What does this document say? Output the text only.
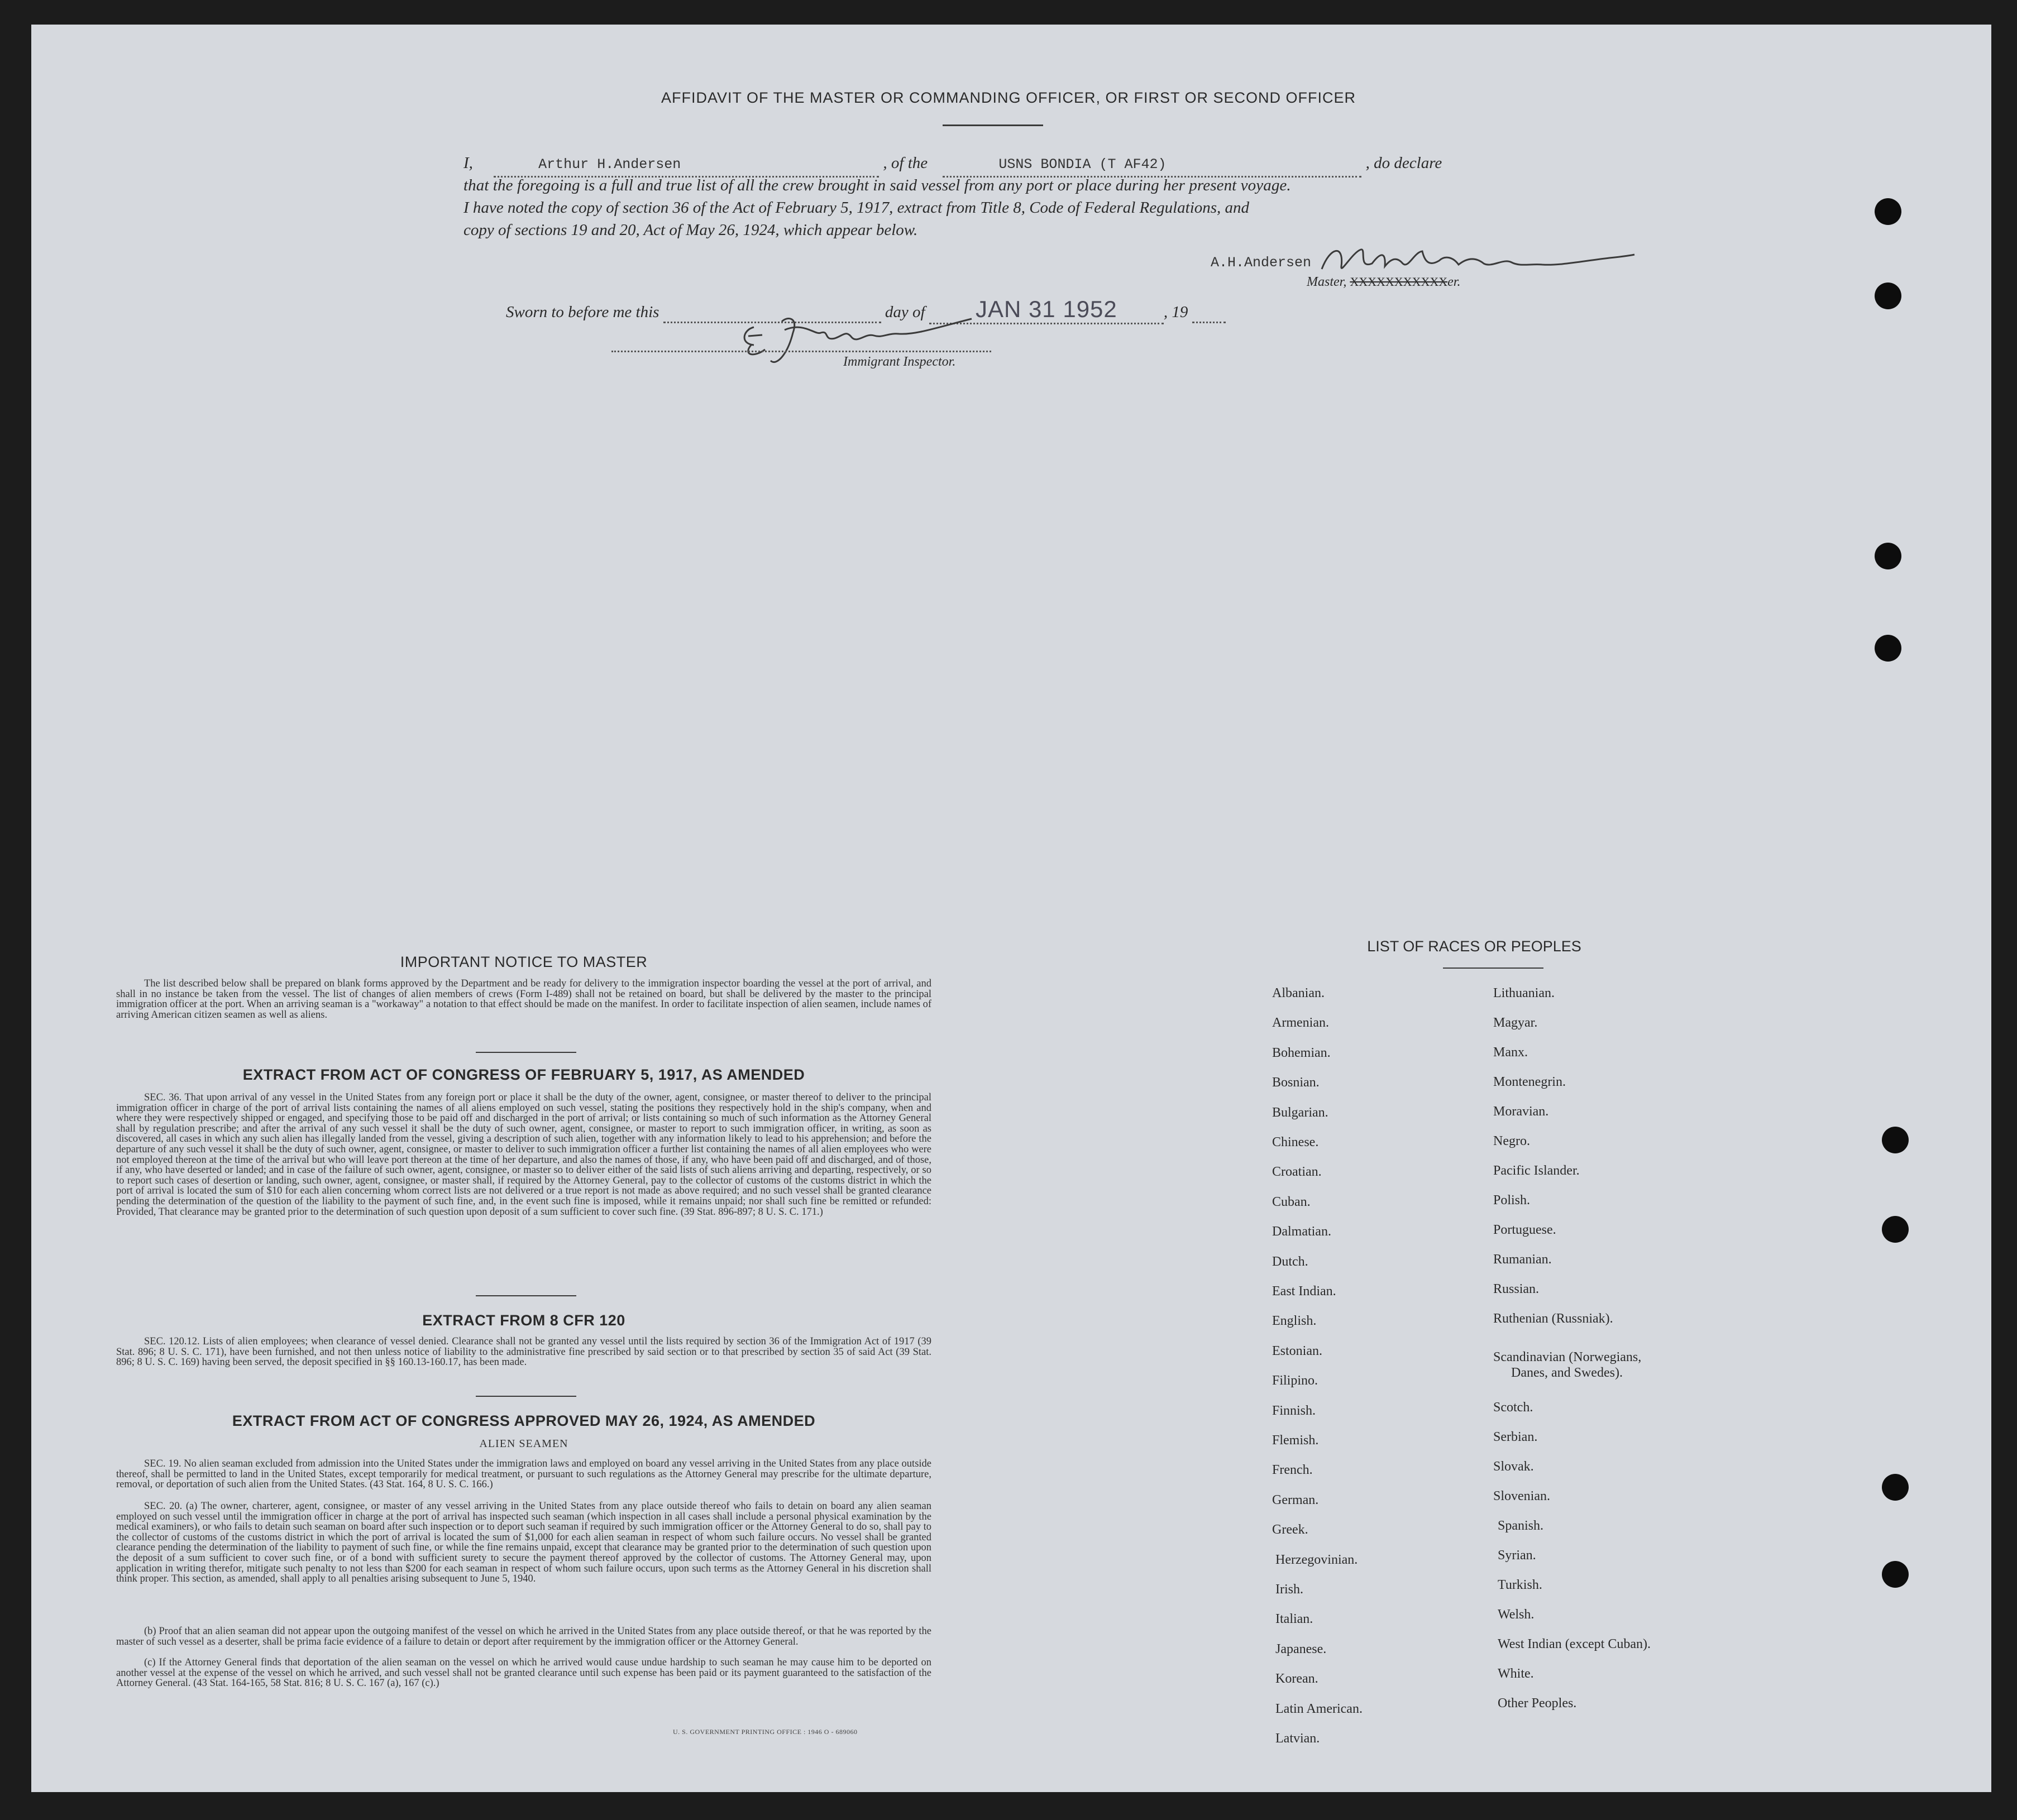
AFFIDAVIT OF THE MASTER OR COMMANDING OFFICER, OR FIRST OR SECOND OFFICER
I,	Arthur H.Andersen	, of the	USNS BONDIA (T AF42)	, do declare
that the foregoing is a full and true list of all the crew brought in said vessel from any port or place during her present voyage.
I have noted the copy of section 36 of the Act of February 5, 1917, extract from Title 8, Code of Federal Regulations, and
copy of sections 19 and 20, Act of May 26, 1924, which appear below.
A.H.Andersen
Master, XXXXXXXXXXXer.
Sworn to before me this	day of JAN 31 1952	, 19
Immigrant Inspector.
IMPORTANT NOTICE TO MASTER
The list described below shall be prepared on blank forms approved by the Department and be ready for delivery to the immigration inspector boarding the vessel at the port of arrival, and shall in no instance be taken from the vessel. The list of changes of alien members of crews (Form I-489) shall not be retained on board, but shall be delivered by the master to the principal immigration officer at the port. When an arriving seaman is a "workaway" a notation to that effect should be made on the manifest. In order to facilitate inspection of alien seamen, include names of arriving American citizen seamen as well as aliens.
EXTRACT FROM ACT OF CONGRESS OF FEBRUARY 5, 1917, AS AMENDED
SEC. 36. That upon arrival of any vessel in the United States from any foreign port or place it shall be the duty of the owner, agent, consignee, or master thereof to deliver to the principal immigration officer in charge of the port of arrival lists containing the names of all aliens employed on such vessel, stating the positions they respectively hold in the ship's company, when and where they were respectively shipped or engaged, and specifying those to be paid off and discharged in the port of arrival; or lists containing so much of such information as the Attorney General shall by regulation prescribe; and after the arrival of any such vessel it shall be the duty of such owner, agent, consignee, or master to report to such immigration officer, in writing, as soon as discovered, all cases in which any such alien has illegally landed from the vessel, giving a description of such alien, together with any information likely to lead to his apprehension; and before the departure of any such vessel it shall be the duty of such owner, agent, consignee, or master to deliver to such immigration officer a further list containing the names of all alien employees who were not employed thereon at the time of the arrival but who will leave port thereon at the time of her departure, and also the names of those, if any, who have been paid off and discharged, and of those, if any, who have deserted or landed; and in case of the failure of such owner, agent, consignee, or master so to deliver either of the said lists of such aliens arriving and departing, respectively, or so to report such cases of desertion or landing, such owner, agent, consignee, or master shall, if required by the Attorney General, pay to the collector of customs of the customs district in which the port of arrival is located the sum of $10 for each alien concerning whom correct lists are not delivered or a true report is not made as above required; and no such vessel shall be granted clearance pending the determination of the question of the liability to the payment of such fine, and, in the event such fine is imposed, while it remains unpaid; nor shall such fine be remitted or refunded: Provided, That clearance may be granted prior to the determination of such question upon deposit of a sum sufficient to cover such fine. (39 Stat. 896-897; 8 U. S. C. 171.)
EXTRACT FROM 8 CFR 120
SEC. 120.12. Lists of alien employees; when clearance of vessel denied. Clearance shall not be granted any vessel until the lists required by section 36 of the Immigration Act of 1917 (39 Stat. 896; 8 U. S. C. 171), have been furnished, and not then unless notice of liability to the administrative fine prescribed by said section or to that prescribed by section 35 of said Act (39 Stat. 896; 8 U. S. C. 169) having been served, the deposit specified in §§ 160.13-160.17, has been made.
EXTRACT FROM ACT OF CONGRESS APPROVED MAY 26, 1924, AS AMENDED
ALIEN SEAMEN
SEC. 19. No alien seaman excluded from admission into the United States under the immigration laws and employed on board any vessel arriving in the United States from any place outside thereof, shall be permitted to land in the United States, except temporarily for medical treatment, or pursuant to such regulations as the Attorney General may prescribe for the ultimate departure, removal, or deportation of such alien from the United States. (43 Stat. 164, 8 U. S. C. 166.)
SEC. 20. (a) The owner, charterer, agent, consignee, or master of any vessel arriving in the United States from any place outside thereof who fails to detain on board any alien seaman employed on such vessel until the immigration officer in charge at the port of arrival has inspected such seaman (which inspection in all cases shall include a personal physical examination by the medical examiners), or who fails to detain such seaman on board after such inspection or to deport such seaman if required by such immigration officer or the Attorney General to do so, shall pay to the collector of customs of the customs district in which the port of arrival is located the sum of $1,000 for each alien seaman in respect of whom such failure occurs. No vessel shall be granted clearance pending the determination of the liability to payment of such fine, or while the fine remains unpaid, except that clearance may be granted prior to the determination of such question upon the deposit of a sum sufficient to cover such fine, or of a bond with sufficient surety to secure the payment thereof approved by the collector of customs. The Attorney General may, upon application in writing therefor, mitigate such penalty to not less than $200 for each seaman in respect of whom such failure occurs, upon such terms as the Attorney General in his discretion shall think proper. This section, as amended, shall apply to all penalties arising subsequent to June 5, 1940.
(b) Proof that an alien seaman did not appear upon the outgoing manifest of the vessel on which he arrived in the United States from any place outside thereof, or that he was reported by the master of such vessel as a deserter, shall be prima facie evidence of a failure to detain or deport after requirement by the immigration officer or the Attorney General.
(c) If the Attorney General finds that deportation of the alien seaman on the vessel on which he arrived would cause undue hardship to such seaman he may cause him to be deported on another vessel at the expense of the vessel on which he arrived, and such vessel shall not be granted clearance until such expense has been paid or its payment guaranteed to the satisfaction of the Attorney General. (43 Stat. 164-165, 58 Stat. 816; 8 U. S. C. 167 (a), 167 (c).)
U. S. GOVERNMENT PRINTING OFFICE : 1946 O - 689060
LIST OF RACES OR PEOPLES
Albanian.
Armenian.
Bohemian.
Bosnian.
Bulgarian.
Chinese.
Croatian.
Cuban.
Dalmatian.
Dutch.
East Indian.
English.
Estonian.
Filipino.
Finnish.
Flemish.
French.
German.
Greek.
Herzegovinian.
Irish.
Italian.
Japanese.
Korean.
Latin American.
Latvian.
Lithuanian.
Magyar.
Manx.
Montenegrin.
Moravian.
Negro.
Pacific Islander.
Polish.
Portuguese.
Rumanian.
Russian.
Ruthenian (Russniak).
Scandinavian (Norwegians,
Danes, and Swedes).
Scotch.
Serbian.
Slovak.
Slovenian.
Spanish.
Syrian.
Turkish.
Welsh.
West Indian (except Cuban).
White.
Other Peoples.
